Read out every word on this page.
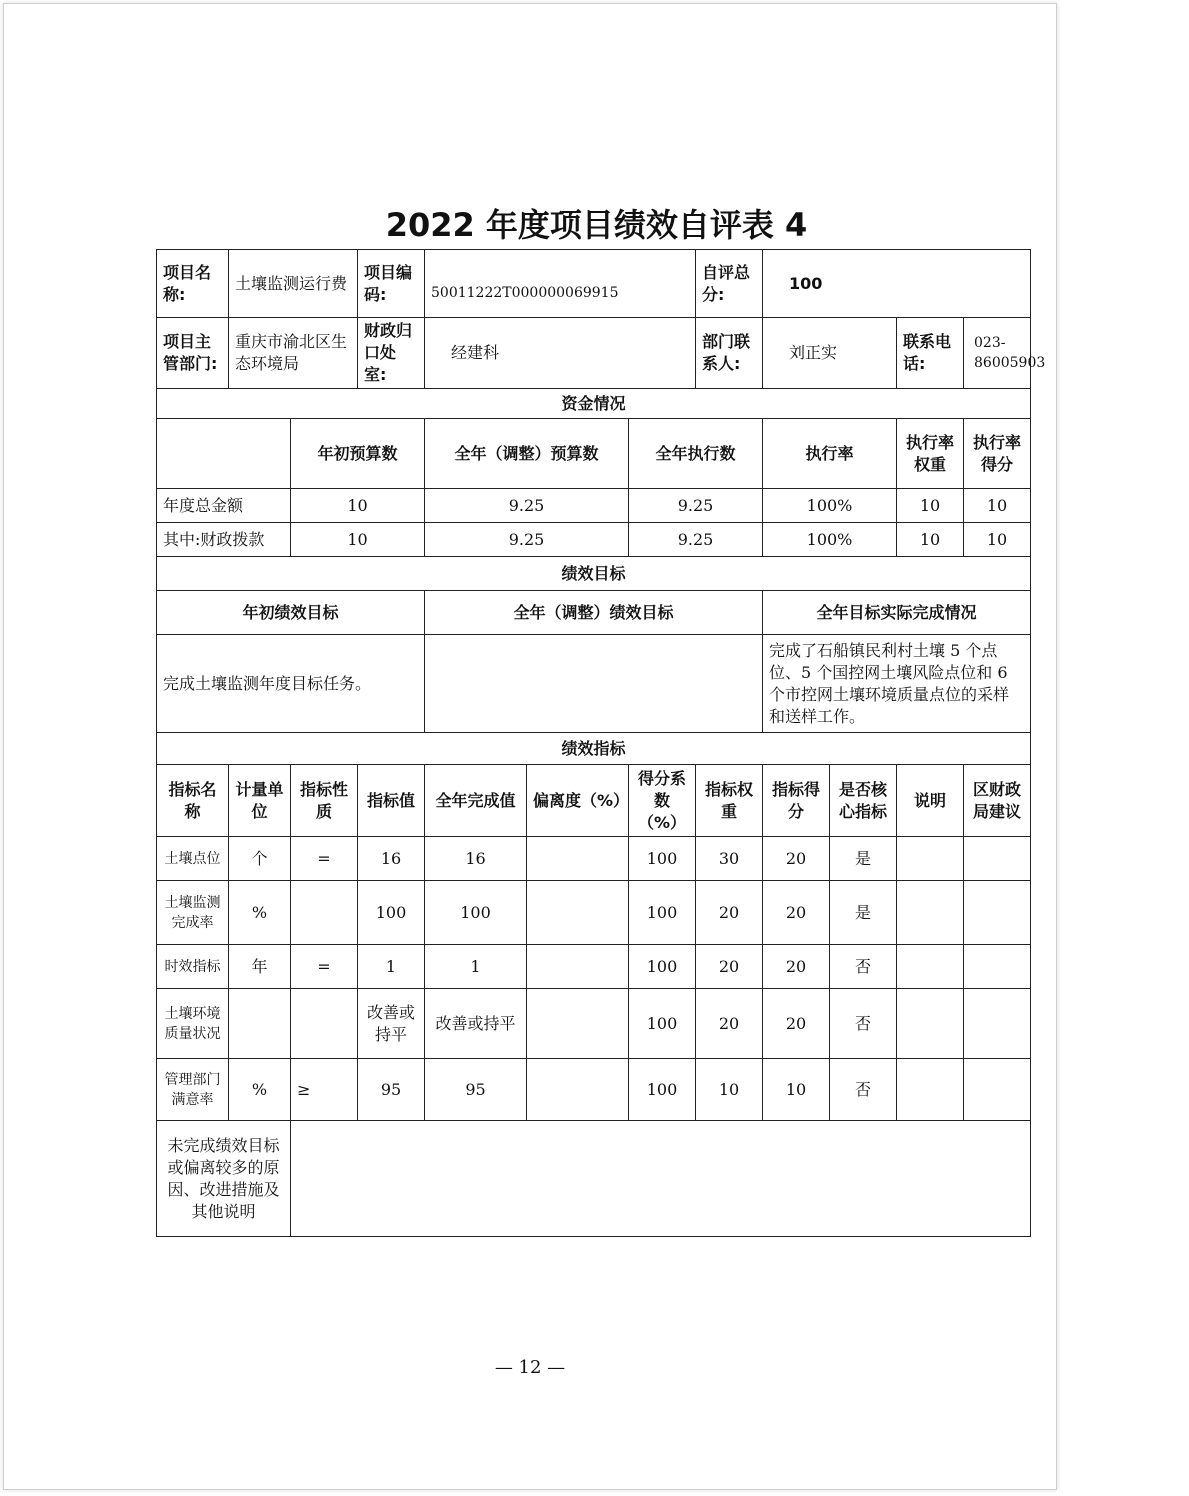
2022 年度项目绩效自评表 4
项目名称:	土壤监测运行费		项目编码:	50011222T000000069915			自评总分:	100			
项目主管部门:	重庆市渝北区生态环境局		财政归口处室:	经建科			部门联系人:	刘正实		联系电话:	023-86005903
资金情况											
		年初预算数		全年（调整）预算数		全年执行数		执行率		执行率权重	执行率得分
年度总金额		10		9.25		9.25		100%		10	10
其中:财政拨款		10		9.25		9.25		100%		10	10
绩效目标											
年初绩效目标				全年（调整）绩效目标				全年目标实际完成情况			
完成土壤监测年度目标任务。								完成了石船镇民利村土壤 5 个点位、5 个国控网土壤风险点位和 6 个市控网土壤环境质量点位的采样和送样工作。			
绩效指标											
指标名称	计量单位	指标性质	指标值	全年完成值	偏离度（%）	得分系数（%）	指标权重	指标得分	是否核心指标	说明	区财政局建议
土壤点位	个	=	16	16		100	30	20	是		
土壤监测完成率	%		100	100		100	20	20	是		
时效指标	年	=	1	1		100	20	20	否		
土壤环境质量状况			改善或持平	改善或持平		100	20	20	否		
管理部门满意率	%	≥	95	95		100	10	10	否		
未完成绩效目标或偏离较多的原因、改进措施及其他说明											
— 12 —
